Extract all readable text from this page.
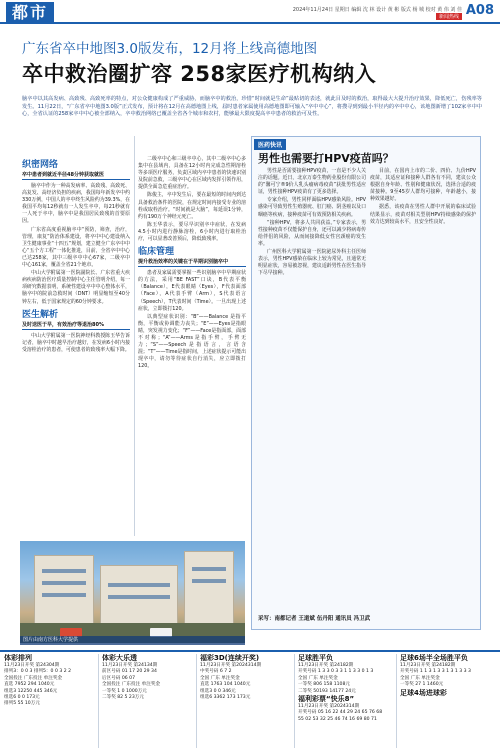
都市	2024年11月24日 星期日 编辑 沈 林 设计 黄 彬 版式 杨 城 校对 黄 伟 刘 佳
新闻热线 A08
广东省卒中地图3.0版发布，12月将上线高德地图
卒中救治圈扩容 258家医疗机构纳入
脑卒中以其高发病、高致残、高致死率的特点，对公众健康构成了严重威胁，而脑卒中的救治，珍惜“时间就是生命”最贴切的表述，就此目及时的救治，取得最大大提升治疗效果，降低死亡，伤残率等发生。11月22日，“广东省卒中地图3.0版”正式发布，预计将在12月在高德地图上线，届时患者家属使用高德地图即可输入“卒中中心”，将搜寻到到最小半径内的卒中中心，该地图新增了102家卒中中心，全省认证的258家卒中中心被全部纳入，卒中救治网络已覆盖全省各个城市和农村，能够最大限度提高卒中患者的救治可及性。
织密网络
卒中患者到就近半径48分钟获取就医

脑卒中作为一种高发病率、高致残、高致死、高复发、高经济负担的疾病，我国每年新发卒中约330万例，中国人的卒中终生风险约为39.3%，在我国平均每12秒就有一人发生卒中，每21秒就有一人死于卒中，脑卒中是我国居民致残的首要原因。

广东省高度重视脑卒中“预防，筛查，治疗，管理，康复”防治体系建设，将卒中中心建设纳入卫生健康事业“十四五”规划，建立健全广东卒中中心“五个方工程”一体化推进，目前，全省卒中中心已达258家，其中三级卒中中心67家，二级卒中中心161家，覆盖全省21个地市。

中山大学附属第一医院副院长、广东省重大疾病疾病防治医疗质量控制中心主任管明介绍，每一项研究数据表明，系统性建设卒中中心整体水平，脑卒中的院前急救时间（DNT）明显缩短至40分钟左右，低于国家规定的60分钟要求。

医生解析
及时送医于早，有效治疗等退治80%

中山大学附属第一医院神经科教授陈玉华告诉记者，脑卒中时越早治疗越好，在发病6小时内接受溶栓治疗的患者，可使患者的致残率大幅下降。

二级卒中心和三级卒中心，其中二级卒中心多集中在县域内，具备在12小时内完成急性期溶栓等多项医疗服务，负责区域内卒中患者的快速识别及院前急救，三级卒中心在区域内发挥引领作用，提供全面急危重症治疗。

陈俊主，卒中发生后，要在最短的时间内到达具备救治条件的医院，在规定时间内接受专业的溶栓或取栓治疗。“时间就是大脑”，每延误1分钟，约有190万个神经元死亡。

陈玉华表示，要尽早识别卒中症状，在发病4.5小时内进行静脉溶栓，6小时内进行取栓治疗，可以显著改善预后，降低致残率。

临床管理
提升救治效率的关键在于早期识别脑卒中

患者及家属需要掌握一些识别脑卒中早期症状的方法，采用“BE FAST”口诀，B代表平衡（Balance），E代表眼睛（Eyes），F代表面部（Face），A代表手臂（Arm），S代表语言（Speech），T代表时间（Time）。一旦出现上述症状，立即拨打120。

以典型症状识别：“B”——Balance 是指平衡，平衡或协调能力丧失；“E”——Eyes是指眼睛，突发视力变化；“F”——Face是指面部，面部不对称；“A”——Arms是指手臂，手臂无力；“S”——Speech是指语言，言语含混；“T”——Time是指时间，上述症状提示可能出现卒中，请勿等待症状自行消失，应立即拨打120。

医药快讯
男性也需要打HPV疫苗吗？

男性是否需要接种HPV疫苗，一直是不少人关注的话题。近日，北京万泰生物药业股份有限公司的“馨可宁®9价人乳头瘤病毒疫苗”获批男性适应证，男性接种HPV疫苗有了更多选择。

专家介绍，男性同样面临HPV感染风险。HPV感染可导致男性生殖器疣、肛门癌、阴茎癌以及口咽癌等疾病，接种疫苗可有效预防相关疾病。

“接种HPV，将多人共同获益。”专家表示，男性接种疫苗不仅能保护自身，还可以减少将病毒传给伴侣的风险，从而间接降低女性宫颈癌的发生率。

广州医科大学附属第一医院泌尿外科主任医师表示，男性HPV感染在临床上较为常见，且通常无明显症状，容易被忽视，建议适龄男性在医生指导下尽早接种。

目前，在国内上市的二价、四价、九价HPV疫苗，其适应证和接种人群各有不同，建议公众根据自身年龄、性别和健康状况，选择合适的疫苗接种。9至45岁人群均可接种，年龄越小，接种效果越好。

据悉，该疫苗在男性人群中开展的临床试验结果显示，疫苗对相关型别HPV持续感染的保护效力达到较高水平，且安全性良好。

采写：南都记者 王道斌 伍丹阳 通讯员 冯卫武
图片由南方医科大学提供
体彩排列
11月23日开奖 第24304期
排列3：0 0 3 排列5：0 0 3 2 2
全国投注 广东投注 单注奖金
直选 7952 294 1040元
组选3 12250 445 346元
组选6 0 0 173元
排列5 55 10万元
体彩大乐透
11月23日开奖 第24134期
前区号码 01 17 20 29 34
后区号码 06 07
全国投注 广东投注 单注奖金
一等奖 1 0 1000万元
二等奖 82 5 23万元
福彩3D(连续开奖)
11月23日开奖 第2024314期
中奖号码 6 7 2
全国 广东 单注奖金
直选 1763 104 1040元
组选3 0 0 346元
组选6 3362 173 173元
足球胜平负
11月23日开奖 第24182期
开奖号码 1 3 3 0 3 3 1 1 3 3 0 1 3
全国 广东 单注奖金
一等奖 806 158 1108元
二等奖 50193 14177 24元
福利彩票“快乐8”
11月23日开奖 第2024314期
开奖号码 05 16 22 44 29 24 65 76 68
55 02 53 32 25 46 74 16 69 80 71
足球6场半全场胜平负
11月23日开奖 第24182期
开奖号码 1 1 3 1 3 3 1 3 1 3 3 3
全国 广东 单注奖金
一等奖 27 1 1460元
足球4场进球彩
